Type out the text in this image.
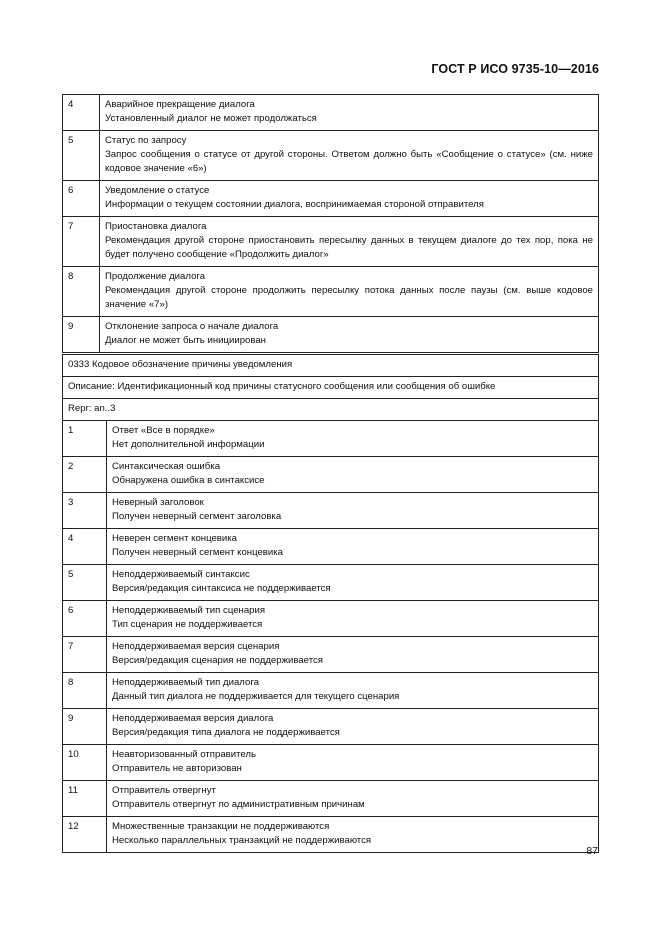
ГОСТ Р ИСО 9735-10—2016
4	Аварийное прекращение диалога
Установленный диалог не может продолжаться

5	Статус по запросу
Запрос сообщения о статусе от другой стороны. Ответом должно быть «Сообщение о статусе» (см. ниже кодовое значение «6»)

6	Уведомление о статусе
Информации о текущем состоянии диалога, воспринимаемая стороной отправителя

7	Приостановка диалога
Рекомендация другой стороне приостановить пересылку данных в текущем диалоге до тех пор, пока не будет получено сообщение «Продолжить диалог»

8	Продолжение диалога
Рекомендация другой стороне продолжить пересылку потока данных после паузы (см. выше кодовое значение «7»)

9	Отклонение запроса о начале диалога
Диалог не может быть инициирован
0333 Кодовое обозначение причины уведомления	
Описание: Идентификационный код причины статусного сообщения или сообщения об ошибке	
Repr: an..3	
1	Ответ «Все в порядке»
Нет дополнительной информации

2	Синтаксическая ошибка
Обнаружена ошибка в синтаксисе

3	Неверный заголовок
Получен неверный сегмент заголовка

4	Неверен сегмент концевика
Получен неверный сегмент концевика

5	Неподдерживаемый синтаксис
Версия/редакция синтаксиса не поддерживается

6	Неподдерживаемый тип сценария
Тип сценария не поддерживается

7	Неподдерживаемая версия сценария
Версия/редакция сценария не поддерживается

8	Неподдерживаемый тип диалога
Данный тип диалога не поддерживается для текущего сценария

9	Неподдерживаемая версия диалога
Версия/редакция типа диалога не поддерживается

10	Неавторизованный отправитель
Отправитель не авторизован

11	Отправитель отвергнут
Отправитель отвергнут по административным причинам

12	Множественные транзакции не поддерживаются
Несколько параллельных транзакций не поддерживаются
87
